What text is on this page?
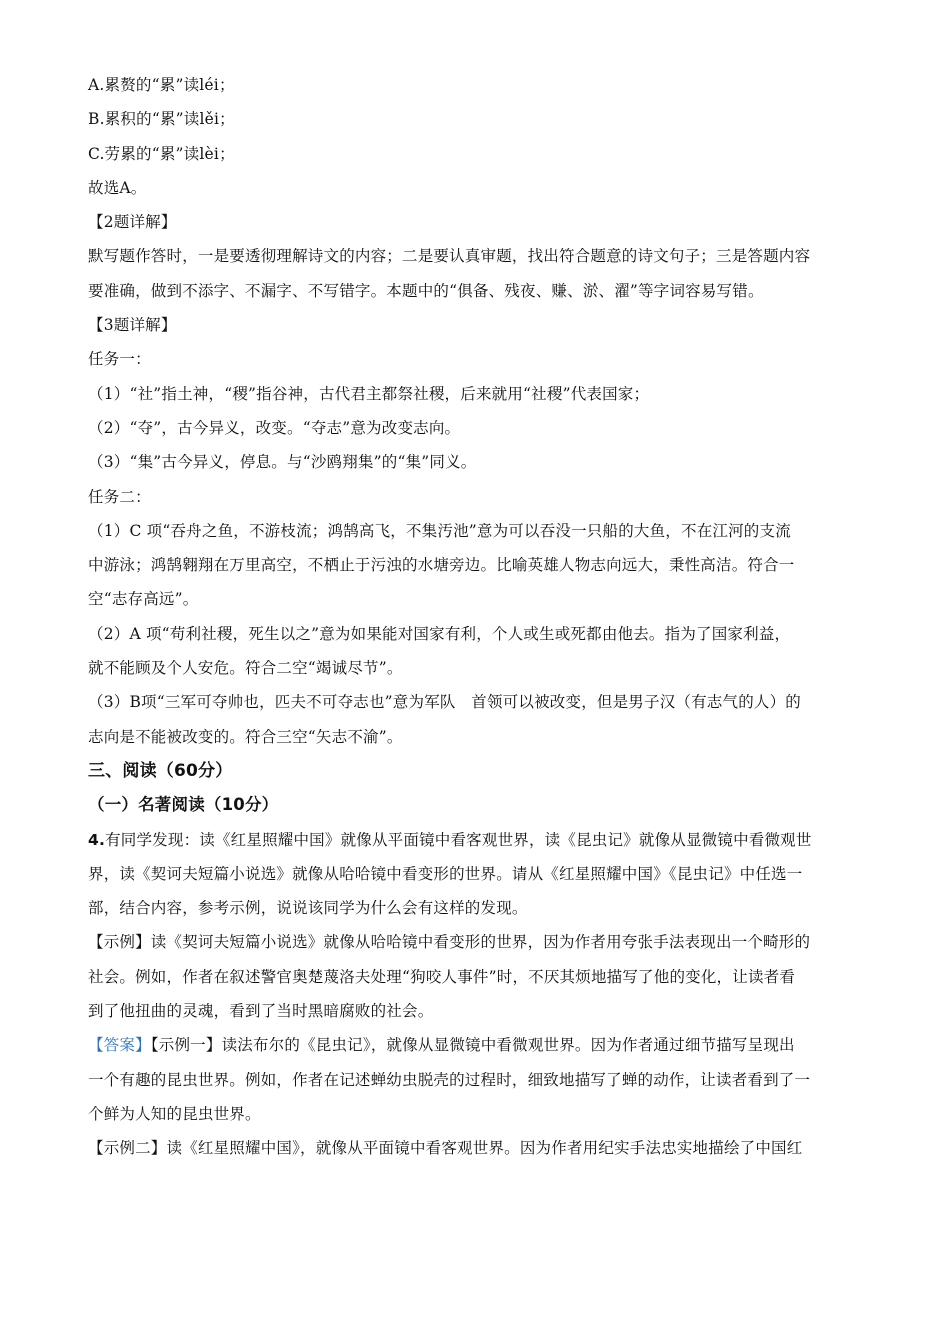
A.累赘的“累”读léi；
B.累积的“累”读lěi；
C.劳累的“累”读lèi；
故选A。
【2题详解】
默写题作答时，一是要透彻理解诗文的内容；二是要认真审题，找出符合题意的诗文句子；三是答题内容
要准确，做到不添字、不漏字、不写错字。本题中的“俱备、残夜、赚、淤、濯”等字词容易写错。
【3题详解】
任务一：
（1）“社”指土神，“稷”指谷神，古代君主都祭社稷，后来就用“社稷”代表国家；
（2）“夺”，古今异义，改变。“夺志”意为改变志向。
（3）“集”古今异义，停息。与“沙鸥翔集”的“集”同义。
任务二：
（1）C 项“吞舟之鱼，不游枝流；鸿鹄高飞，不集汚池”意为可以吞没一只船的大鱼，不在江河的支流
中游泳；鸿鹄翱翔在万里高空，不栖止于污浊的水塘旁边。比喻英雄人物志向远大，秉性高洁。符合一
空“志存高远”。
（2）A 项“苟利社稷，死生以之”意为如果能对国家有利，个人或生或死都由他去。指为了国家利益，
就不能顾及个人安危。符合二空“竭诚尽节”。
（3）B项“三军可夺帅也，匹夫不可夺志也”意为军队　首领可以被改变，但是男子汉（有志气的人）的
志向是不能被改变的。符合三空“矢志不渝”。
三、阅读（60分）
（一）名著阅读（10分）
4.有同学发现：读《红星照耀中国》就像从平面镜中看客观世界，读《昆虫记》就像从显微镜中看微观世
界，读《契诃夫短篇小说选》就像从哈哈镜中看变形的世界。请从《红星照耀中国》《昆虫记》中任选一
部，结合内容，参考示例，说说该同学为什么会有这样的发现。
【示例】读《契诃夫短篇小说选》就像从哈哈镜中看变形的世界，因为作者用夸张手法表现出一个畸形的
社会。例如，作者在叙述警官奥楚蔑洛夫处理“狗咬人事件”时，不厌其烦地描写了他的变化，让读者看
到了他扭曲的灵魂，看到了当时黑暗腐败的社会。
【答案】【示例一】读法布尔的《昆虫记》，就像从显微镜中看微观世界。因为作者通过细节描写呈现出
一个有趣的昆虫世界。例如，作者在记述蝉幼虫脱壳的过程时，细致地描写了蝉的动作，让读者看到了一
个鲜为人知的昆虫世界。
【示例二】读《红星照耀中国》，就像从平面镜中看客观世界。因为作者用纪实手法忠实地描绘了中国红
